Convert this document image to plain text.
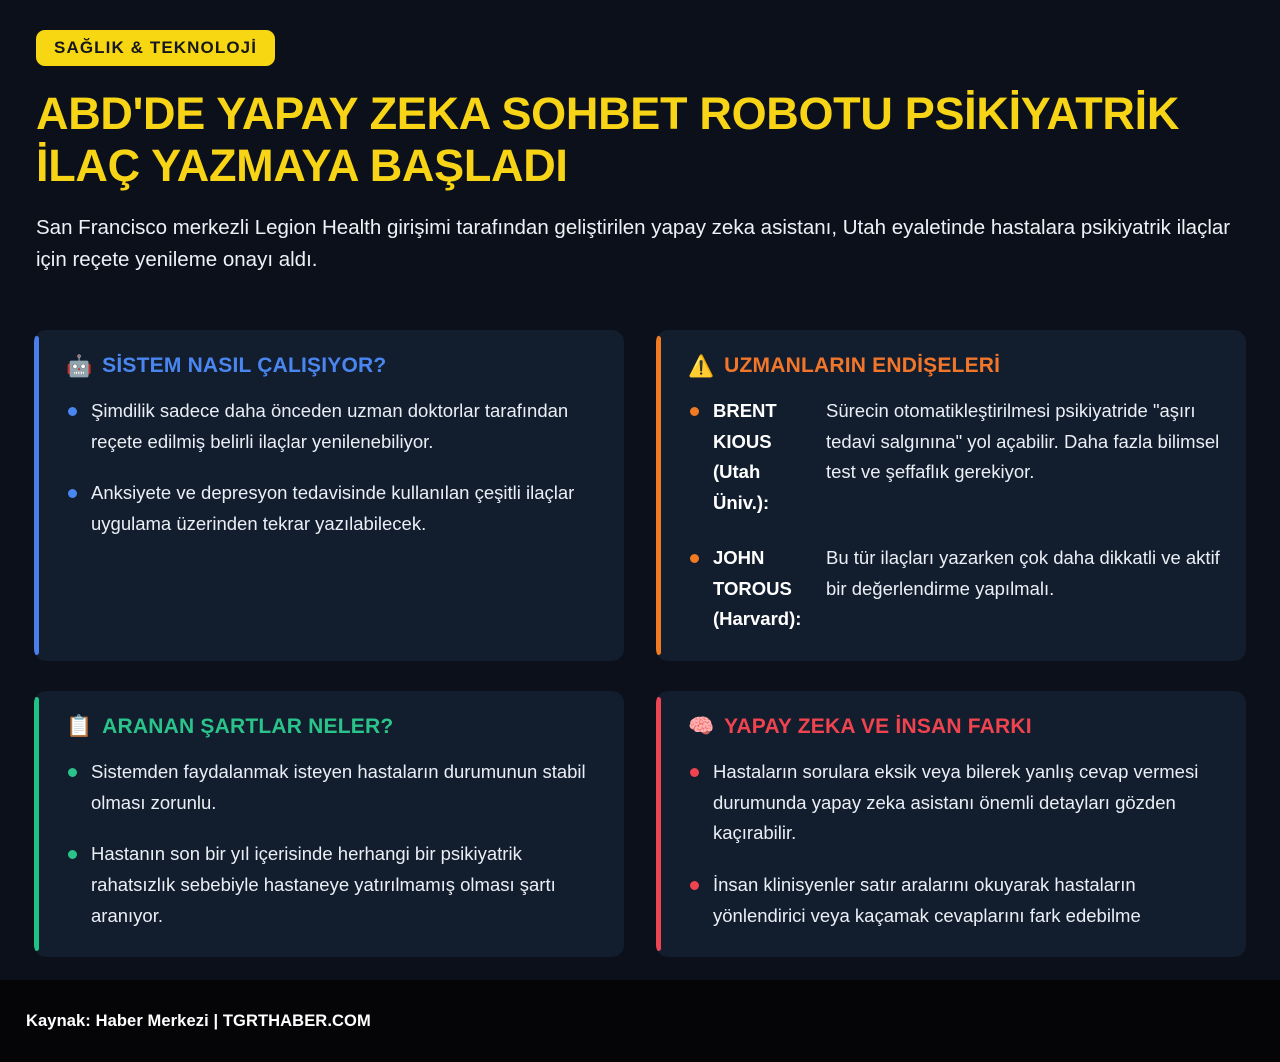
SAĞLIK & TEKNOLOJİ
ABD'DE YAPAY ZEKA SOHBET ROBOTU PSİKİYATRİK İLAÇ YAZMAYA BAŞLADI

San Francisco merkezli Legion Health girişimi tarafından geliştirilen yapay zeka asistanı, Utah eyaletinde hastalara psikiyatrik ilaçlar için reçete yenileme onayı aldı.

🤖 SİSTEM NASIL ÇALIŞIYOR?
Şimdilik sadece daha önceden uzman doktorlar tarafından reçete edilmiş belirli ilaçlar yenilenebiliyor.
Anksiyete ve depresyon tedavisinde kullanılan çeşitli ilaçlar uygulama üzerinden tekrar yazılabilecek.
⚠️ UZMANLARIN ENDİŞELERİ
BRENT KIOUS (Utah Üniv.):
Sürecin otomatikleştirilmesi psikiyatride "aşırı tedavi salgınına" yol açabilir. Daha fazla bilimsel test ve şeffaflık gerekiyor.
JOHN TOROUS (Harvard):
Bu tür ilaçları yazarken çok daha dikkatli ve aktif bir değerlendirme yapılmalı.
📋 ARANAN ŞARTLAR NELER?
Sistemden faydalanmak isteyen hastaların durumunun stabil olması zorunlu.
Hastanın son bir yıl içerisinde herhangi bir psikiyatrik rahatsızlık sebebiyle hastaneye yatırılmamış olması şartı aranıyor.
🧠 YAPAY ZEKA VE İNSAN FARKI
Hastaların sorulara eksik veya bilerek yanlış cevap vermesi durumunda yapay zeka asistanı önemli detayları gözden kaçırabilir.
İnsan klinisyenler satır aralarını okuyarak hastaların yönlendirici veya kaçamak cevaplarını fark edebilme
Kaynak: Haber Merkezi | TGRTHABER.COM
